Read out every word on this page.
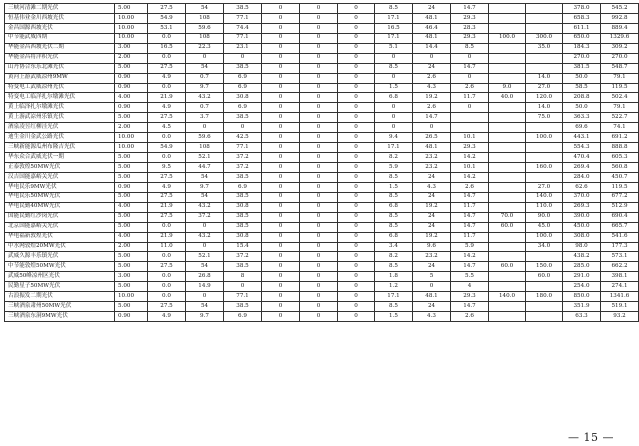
三峡河清滩二期光伏	5.00	27.5	54	38.5	0	0	0	8.5	24	14.7			378.0	545.2
恒基伟业金川西坡光伏	10.00	54.9	108	77.1	0	0	0	17.1	48.1	29.3			658.3	992.8
金昌国源西坡光伏	10.00	53.1	59.6	74.4	0	0	0	16.5	46.4	28.3			611.1	889.4
中节能武威四期	10.00	0.0	108	77.1	0	0	0	17.1	48.1	29.3	100.0	300.0	650.0	1329.6
华能金昌西坡光伏二期	3.00	16.5	22.3	23.1	0	0	0	5.1	14.4	8.5		35.0	184.3	309.2
华能金昌将洋积光伏	2.00	0.0	0	0	0	0	0	0	0	0			270.0	270.0
山丹协合东乐北滩光伏	5.00	27.5	54	38.5	0	0	0	8.5	24	14.7			381.5	548.7
黄河上游武威凉州9MW	0.90	4.9	0.7	6.9	0	0	0	0	2.6	0		14.0	50.0	79.1
特变电工武威凉州光伏	0.90	0.0	9.7	6.9	0	0	0	1.5	4.3	2.6	9.0	27.0	58.5	119.5
特变电工临洋扎尔墩滩光伏	4.00	21.9	43.2	30.8	0	0	0	6.8	19.2	11.7	40.0	120.0	208.8	502.4
黄上临泽扎尔墩滩光伏	0.90	4.9	0.7	6.9	0	0	0	0	2.6	0		14.0	50.0	79.1
黄上游武凉州乐镇光伏	5.00	27.5	3.7	38.5	0	0	0	0	14.7			75.0	363.3	522.7
酒泉凌昱红柳洼光伏	2.00	4.5	0	0	0	0	0	0	0				69.6	74.1
迪生金川金武公路光伏	10.00	0.0	59.6	42.5	0	0	0	9.4	26.5	10.1		100.0	443.1	691.2
三峡新能源瓜州布隆吉光伏	10.00	54.9	108	77.1	0	0	0	17.1	48.1	29.3			554.3	888.8
华东众合武威光伏一期	5.00	0.0	52.1	37.2	0	0	0	8.2	23.2	14.2			470.4	605.3
正泰敦煌50MW光伏	5.00	9.5	44.7	37.2	0	0	0	5.9	23.2	10.1		160.0	269.4	560.8
汉吉国能嘉峪关光伏	5.00	27.5	54	38.5	0	0	0	8.5	24	14.2			284.0	450.7
华电民乐9MW光伏	0.90	4.9	9.7	6.9	0	0	0	1.5	4.3	2.6		27.0	62.6	119.5
华电民乐50MW光伏	5.00	27.5	54	38.5	0	0	0	8.5	24	14.7		140.0	370.0	677.2
华电民勤40MW光伏	4.00	21.9	43.2	30.8	0	0	0	6.8	19.2	11.7		110.0	269.3	512.9
国能民勤红沙岗光伏	5.00	27.5	37.2	38.5	0	0	0	8.5	24	14.7	70.0	90.0	390.0	690.4
北京国能嘉峪关光伏	5.00	0.0	0	38.5	0	0	0	8.5	24	14.7	60.0	45.0	450.0	665.7
华电福新敦煌光伏	4.00	21.9	43.2	30.8	0	0	0	6.8	19.2	11.7		100.0	308.0	541.6
中水网敦煌20MW光伏	2.00	11.0	0	15.4	0	0	0	3.4	9.6	5.9		34.0	98.0	177.3
武威久源丰乐镇光伏	5.00	0.0	52.1	37.2	0	0	0	8.2	23.2	14.2			438.2	573.1
中节能敦煌50MW光伏	5.00	27.5	54	38.5	0	0	0	8.5	24	14.7	60.0	150.0	285.0	662.2
武威50峰凉州区光伏	3.00	0.0	26.8	8	0	0	0	1.8	5	5.5		60.0	291.0	398.1
民勤星子50MW光伏	5.00	0.0	14.9	0	0	0	0	1.2	0	4			254.0	274.1
古浪振发二期光伏	10.00	0.0	0	77.1	0	0	0	17.1	48.1	29.3	140.0	180.0	850.0	1341.6
三峡酒泉肃州50MW光伏	5.00	27.5	54	38.5	0	0	0	8.5	24	14.7			351.9	519.1
三峡酒泉东洞9MW光伏	0.90	4.9	9.7	6.9	0	0	0	1.5	4.3	2.6			63.3	93.2
— 15 —
